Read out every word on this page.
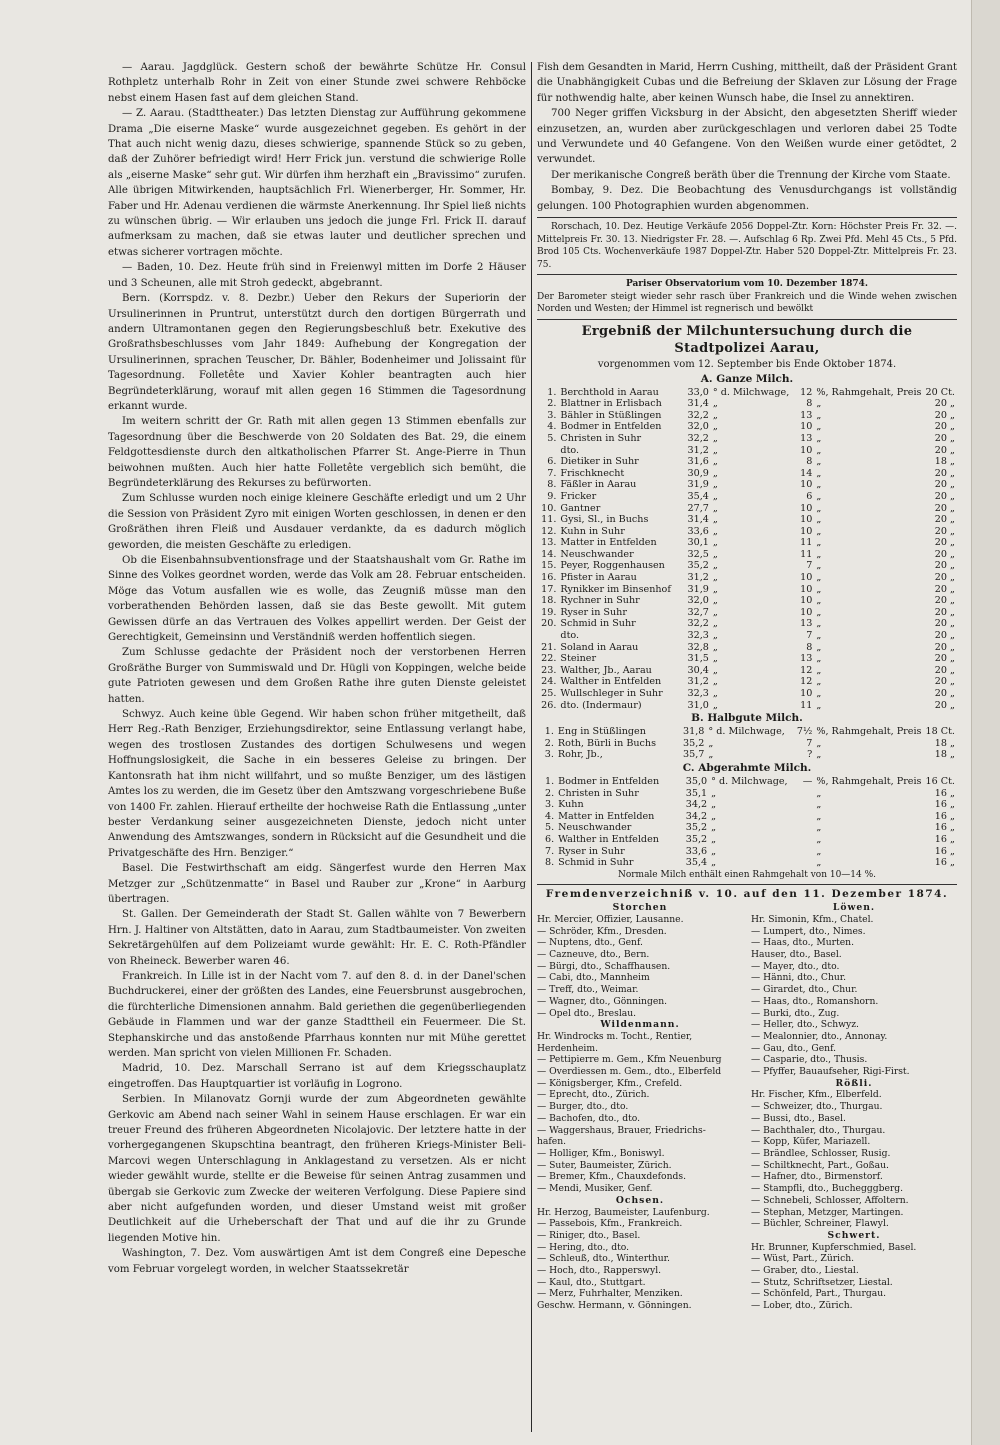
— Aarau. Jagdglück. Gestern schoß der bewährte Schütze Hr. Consul Rothpletz unterhalb Rohr in Zeit von einer Stunde zwei schwere Rehböcke nebst einem Hasen fast auf dem gleichen Stand.

— Z. Aarau. (Stadttheater.) Das letzten Dienstag zur Aufführung gekommene Drama „Die eiserne Maske“ wurde ausgezeichnet gegeben. Es gehört in der That auch nicht wenig dazu, dieses schwierige, spannende Stück so zu geben, daß der Zuhörer befriedigt wird! Herr Frick jun. verstund die schwierige Rolle als „eiserne Maske“ sehr gut. Wir dürfen ihm herzhaft ein „Bravissimo“ zurufen. Alle übrigen Mitwirkenden, hauptsächlich Frl. Wienerberger, Hr. Sommer, Hr. Faber und Hr. Adenau verdienen die wärmste Anerkennung. Ihr Spiel ließ nichts zu wünschen übrig. — Wir erlauben uns jedoch die junge Frl. Frick II. darauf aufmerksam zu machen, daß sie etwas lauter und deutlicher sprechen und etwas sicherer vortragen möchte.

— Baden, 10. Dez. Heute früh sind in Freienwyl mitten im Dorfe 2 Häuser und 3 Scheunen, alle mit Stroh gedeckt, abgebrannt.

Bern. (Korrspdz. v. 8. Dezbr.) Ueber den Rekurs der Superiorin der Ursulinerinnen in Pruntrut, unterstützt durch den dortigen Bürgerrath und andern Ultramontanen gegen den Regierungsbeschluß betr. Exekutive des Großrathsbeschlusses vom Jahr 1849: Aufhebung der Kongregation der Ursulinerinnen, sprachen Teuscher, Dr. Bähler, Bodenheimer und Jolissaint für Tagesordnung. Folletête und Xavier Kohler beantragten auch hier Begründeterklärung, worauf mit allen gegen 16 Stimmen die Tagesordnung erkannt wurde.

Im weitern schritt der Gr. Rath mit allen gegen 13 Stimmen ebenfalls zur Tagesordnung über die Beschwerde von 20 Soldaten des Bat. 29, die einem Feldgottesdienste durch den altkatholischen Pfarrer St. Ange-Pierre in Thun beiwohnen mußten. Auch hier hatte Folletête vergeblich sich bemüht, die Begründeterklärung des Rekurses zu befürworten.

Zum Schlusse wurden noch einige kleinere Geschäfte erledigt und um 2 Uhr die Session von Präsident Zyro mit einigen Worten geschlossen, in denen er den Großräthen ihren Fleiß und Ausdauer verdankte, da es dadurch möglich geworden, die meisten Geschäfte zu erledigen.

Ob die Eisenbahnsubventionsfrage und der Staatshaushalt vom Gr. Rathe im Sinne des Volkes geordnet worden, werde das Volk am 28. Februar entscheiden. Möge das Votum ausfallen wie es wolle, das Zeugniß müsse man den vorberathenden Behörden lassen, daß sie das Beste gewollt. Mit gutem Gewissen dürfe an das Vertrauen des Volkes appellirt werden. Der Geist der Gerechtigkeit, Gemeinsinn und Verständniß werden hoffentlich siegen.

Zum Schlusse gedachte der Präsident noch der verstorbenen Herren Großräthe Burger von Summiswald und Dr. Hügli von Koppingen, welche beide gute Patrioten gewesen und dem Großen Rathe ihre guten Dienste geleistet hatten.

Schwyz. Auch keine üble Gegend. Wir haben schon früher mitgetheilt, daß Herr Reg.-Rath Benziger, Erziehungsdirektor, seine Entlassung verlangt habe, wegen des trostlosen Zustandes des dortigen Schulwesens und wegen Hoffnungslosigkeit, die Sache in ein besseres Geleise zu bringen. Der Kantonsrath hat ihm nicht willfahrt, und so mußte Benziger, um des lästigen Amtes los zu werden, die im Gesetz über den Amtszwang vorgeschriebene Buße von 1400 Fr. zahlen. Hierauf ertheilte der hochweise Rath die Entlassung „unter bester Verdankung seiner ausgezeichneten Dienste, jedoch nicht unter Anwendung des Amtszwanges, sondern in Rücksicht auf die Gesundheit und die Privatgeschäfte des Hrn. Benziger.“

Basel. Die Festwirthschaft am eidg. Sängerfest wurde den Herren Max Metzger zur „Schützenmatte“ in Basel und Rauber zur „Krone“ in Aarburg übertragen.

St. Gallen. Der Gemeinderath der Stadt St. Gallen wählte von 7 Bewerbern Hrn. J. Haltiner von Altstätten, dato in Aarau, zum Stadtbaumeister. Von zweiten Sekretärgehülfen auf dem Polizeiamt wurde gewählt: Hr. E. C. Roth-Pfändler von Rheineck. Bewerber waren 46.

Frankreich. In Lille ist in der Nacht vom 7. auf den 8. d. in der Danel'schen Buchdruckerei, einer der größten des Landes, eine Feuersbrunst ausgebrochen, die fürchterliche Dimensionen annahm. Bald geriethen die gegenüberliegenden Gebäude in Flammen und war der ganze Stadttheil ein Feuermeer. Die St. Stephanskirche und das anstoßende Pfarrhaus konnten nur mit Mühe gerettet werden. Man spricht von vielen Millionen Fr. Schaden.

Madrid, 10. Dez. Marschall Serrano ist auf dem Kriegsschauplatz eingetroffen. Das Hauptquartier ist vorläufig in Logrono.

Serbien. In Milanovatz Gornji wurde der zum Abgeordneten gewählte Gerkovic am Abend nach seiner Wahl in seinem Hause erschlagen. Er war ein treuer Freund des früheren Abgeordneten Nicolajovic. Der letztere hatte in der vorhergegangenen Skupschtina beantragt, den früheren Kriegs-Minister Beli-Marcovi wegen Unterschlagung in Anklagestand zu versetzen. Als er nicht wieder gewählt wurde, stellte er die Beweise für seinen Antrag zusammen und übergab sie Gerkovic zum Zwecke der weiteren Verfolgung. Diese Papiere sind aber nicht aufgefunden worden, und dieser Umstand weist mit großer Deutlichkeit auf die Urheberschaft der That und auf die ihr zu Grunde liegenden Motive hin.

Washington, 7. Dez. Vom auswärtigen Amt ist dem Congreß eine Depesche vom Februar vorgelegt worden, in welcher Staatssekretär

Fish dem Gesandten in Marid, Herrn Cushing, mittheilt, daß der Präsident Grant die Unabhängigkeit Cubas und die Befreiung der Sklaven zur Lösung der Frage für nothwendig halte, aber keinen Wunsch habe, die Insel zu annektiren.

700 Neger griffen Vicksburg in der Absicht, den abgesetzten Sheriff wieder einzusetzen, an, wurden aber zurückgeschlagen und verloren dabei 25 Todte und Verwundete und 40 Gefangene. Von den Weißen wurde einer getödtet, 2 verwundet.

Der merikanische Congreß beräth über die Trennung der Kirche vom Staate.

Bombay, 9. Dez. Die Beobachtung des Venusdurchgangs ist vollständig gelungen. 100 Photographien wurden abgenommen.

Rorschach, 10. Dez. Heutige Verkäufe 2056 Doppel-Ztr. Korn: Höchster Preis Fr. 32. —. Mittelpreis Fr. 30. 13. Niedrigster Fr. 28. —. Aufschlag 6 Rp. Zwei Pfd. Mehl 45 Cts., 5 Pfd. Brod 105 Cts. Wochenverkäufe 1987 Doppel-Ztr. Haber 520 Doppel-Ztr. Mittelpreis Fr. 23. 75.

Pariser Observatorium vom 10. Dezember 1874.

Der Barometer steigt wieder sehr rasch über Frankreich und die Winde wehen zwischen Norden und Westen; der Himmel ist regnerisch und bewölkt

Ergebniß der Milchuntersuchung durch die Stadtpolizei Aarau,

vorgenommen vom 12. September bis Ende Oktober 1874.

A. Ganze Milch.
1.	Berchthold in Aarau	33,0	° d. Milchwage,	12	%, Rahmgehalt, Preis	20 Ct.
2.	Blattner in Erlisbach	31,4	„	8	„	20 „
3.	Bähler in Stüßlingen	32,2	„	13	„	20 „
4.	Bodmer in Entfelden	32,0	„	10	„	20 „
5.	Christen in Suhr	32,2	„	13	„	20 „
	dto.	31,2	„	10	„	20 „
6.	Dietiker in Suhr	31,6	„	8	„	18 „
7.	Frischknecht	30,9	„	14	„	20 „
8.	Fäßler in Aarau	31,9	„	10	„	20 „
9.	Fricker	35,4	„	6	„	20 „
10.	Gantner	27,7	„	10	„	20 „
11.	Gysi, Sl., in Buchs	31,4	„	10	„	20 „
12.	Kuhn in Suhr	33,6	„	10	„	20 „
13.	Matter in Entfelden	30,1	„	11	„	20 „
14.	Neuschwander	32,5	„	11	„	20 „
15.	Peyer, Roggenhausen	35,2	„	7	„	20 „
16.	Pfister in Aarau	31,2	„	10	„	20 „
17.	Rynikker im Binsenhof	31,9	„	10	„	20 „
18.	Rychner in Suhr	32,0	„	10	„	20 „
19.	Ryser in Suhr	32,7	„	10	„	20 „
20.	Schmid in Suhr	32,2	„	13	„	20 „
	dto.	32,3	„	7	„	20 „
21.	Soland in Aarau	32,8	„	8	„	20 „
22.	Steiner	31,5	„	13	„	20 „
23.	Walther, Jb., Aarau	30,4	„	12	„	20 „
24.	Walther in Entfelden	31,2	„	12	„	20 „
25.	Wullschleger in Suhr	32,3	„	10	„	20 „
26.	dto. (Indermaur)	31,0	„	11	„	20 „
B. Halbgute Milch.
1.	Eng in Stüßlingen	31,8	° d. Milchwage,	7½	%, Rahmgehalt, Preis	18 Ct.
2.	Roth, Bürli in Buchs	35,2	„	7	„	18 „
3.	Rohr, Jb.,	35,7	„	?	„	18 „
C. Abgerahmte Milch.
1.	Bodmer in Entfelden	35,0	° d. Milchwage,	—	%, Rahmgehalt, Preis	16 Ct.
2.	Christen in Suhr	35,1	„		„	16 „
3.	Kuhn	34,2	„		„	16 „
4.	Matter in Entfelden	34,2	„		„	16 „
5.	Neuschwander	35,2	„		„	16 „
6.	Walther in Entfelden	35,2	„		„	16 „
7.	Ryser in Suhr	33,6	„		„	16 „
8.	Schmid in Suhr	35,4	„		„	16 „

Normale Milch enthält einen Rahmgehalt von 10—14 %.

Fremdenverzeichniß v. 10. auf den 11. Dezember 1874.
Storchen
Hr. Mercier, Offizier, Lausanne.
— Schröder, Kfm., Dresden.
— Nuptens, dto., Genf.
— Cazneuve, dto., Bern.
— Bürgi, dto., Schaffhausen.
— Cabi, dto., Mannheim
— Treff, dto., Weimar.
— Wagner, dto., Gönningen.
— Opel dto., Breslau.
Wildenmann.
Hr. Windrocks m. Tocht., Rentier,
Herdenheim.
— Pettipierre m. Gem., Kfm Neuenburg
— Overdiessen m. Gem., dto., Elberfeld
— Königsberger, Kfm., Crefeld.
— Eprecht, dto., Zürich.
— Burger, dto., dto.
— Bachofen, dto., dto.
— Waggershaus, Brauer, Friedrichs-
hafen.
— Holliger, Kfm., Boniswyl.
— Suter, Baumeister, Zürich.
— Bremer, Kfm., Chauxdefonds.
— Mendi, Musiker, Genf.
Ochsen.
Hr. Herzog, Baumeister, Laufenburg.
— Passebois, Kfm., Frankreich.
— Riniger, dto., Basel.
— Hering, dto., dto.
— Schleuß, dto., Winterthur.
— Hoch, dto., Rapperswyl.
— Kaul, dto., Stuttgart.
— Merz, Fuhrhalter, Menziken.
Geschw. Hermann, v. Gönningen.
Löwen.
Hr. Simonin, Kfm., Chatel.
— Lumpert, dto., Nimes.
— Haas, dto., Murten.
Hauser, dto., Basel.
— Mayer, dto., dto.
— Hänni, dto., Chur.
— Girardet, dto., Chur.
— Haas, dto., Romanshorn.
— Burki, dto., Zug.
— Heller, dto., Schwyz.
— Mealonnier, dto., Annonay.
— Gau, dto., Genf.
— Casparie, dto., Thusis.
— Pfyffer, Bauaufseher, Rigi-First.
Rößli.
Hr. Fischer, Kfm., Elberfeld.
— Schweizer, dto., Thurgau.
— Bussi, dto., Basel.
— Bachthaler, dto., Thurgau.
— Kopp, Küfer, Mariazell.
— Brändlee, Schlosser, Rusig.
— Schiltknecht, Part., Goßau.
— Hafner, dto., Birmenstorf.
— Stampfli, dto., Buchegggberg.
— Schnebeli, Schlosser, Affoltern.
— Stephan, Metzger, Martingen.
— Büchler, Schreiner, Flawyl.
Schwert.
Hr. Brunner, Kupferschmied, Basel.
— Wüst, Part., Zürich.
— Graber, dto., Liestal.
— Stutz, Schriftsetzer, Liestal.
— Schönfeld, Part., Thurgau.
— Lober, dto., Zürich.
